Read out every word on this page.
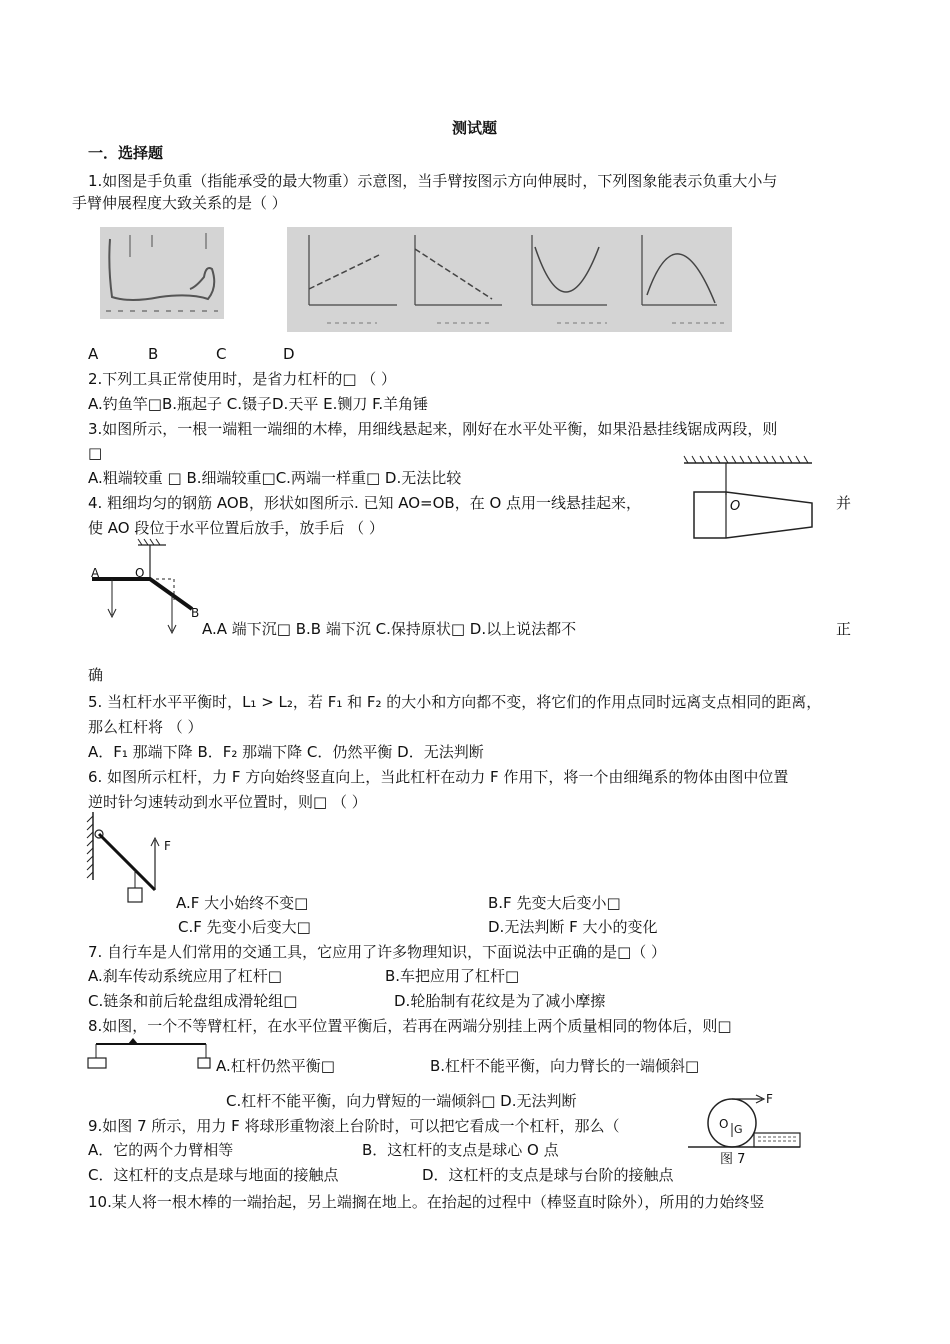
测试题
一．选择题
1.如图是手负重（指能承受的最大物重）示意图，当手臂按图示方向伸展时，下列图象能表示负重大小与
手臂伸展程度大致关系的是（ ）
A	B	C	D
2.下列工具正常使用时，是省力杠杆的□ （ ）
A.钓鱼竿□B.瓶起子 C.镊子D.天平 E.铡刀 F.羊角锤
3.如图所示，一根一端粗一端细的木棒，用细线悬起来，刚好在水平处平衡，如果沿悬挂线锯成两段，则
□
A.粗端较重 □ B.细端较重□C.两端一样重□ D.无法比较
O
4. 粗细均匀的钢筋 AOB，形状如图所示. 已知 AO=OB，在 O 点用一线悬挂起来，	并
使 AO 段位于水平位置后放手，放手后 （ ）
A	O
B
A.A 端下沉□ B.B 端下沉 C.保持原状□ D.以上说法都不	正
确
5. 当杠杆水平平衡时，L₁ > L₂，若 F₁ 和 F₂ 的大小和方向都不变，将它们的作用点同时远离支点相同的距离，
那么杠杆将 （ ）
A．F₁ 那端下降 B．F₂ 那端下降 C．仍然平衡 D．无法判断
6. 如图所示杠杆，力 F 方向始终竖直向上，当此杠杆在动力 F 作用下，将一个由细绳系的物体由图中位置
逆时针匀速转动到水平位置时，则□ （ ）
F
A.F 大小始终不变□	B.F 先变大后变小□
C.F 先变小后变大□	D.无法判断 F 大小的变化
7. 自行车是人们常用的交通工具，它应用了许多物理知识，下面说法中正确的是□（ ）
A.刹车传动系统应用了杠杆□	B.车把应用了杠杆□
C.链条和前后轮盘组成滑轮组□	D.轮胎制有花纹是为了减小摩擦
8.如图，一个不等臂杠杆，在水平位置平衡后，若再在两端分别挂上两个质量相同的物体后，则□
A.杠杆仍然平衡□	B.杠杆不能平衡，向力臂长的一端倾斜□
C.杠杆不能平衡，向力臂短的一端倾斜□ D.无法判断
9.如图 7 所示，用力 F 将球形重物滚上台阶时，可以把它看成一个杠杆，那么（
A．它的两个力臂相等	B．这杠杆的支点是球心 O 点
C．这杠杆的支点是球与地面的接触点	D．这杠杆的支点是球与台阶的接触点
F
O G
图 7
10.某人将一根木棒的一端抬起，另上端搁在地上。在抬起的过程中（棒竖直时除外），所用的力始终竖
